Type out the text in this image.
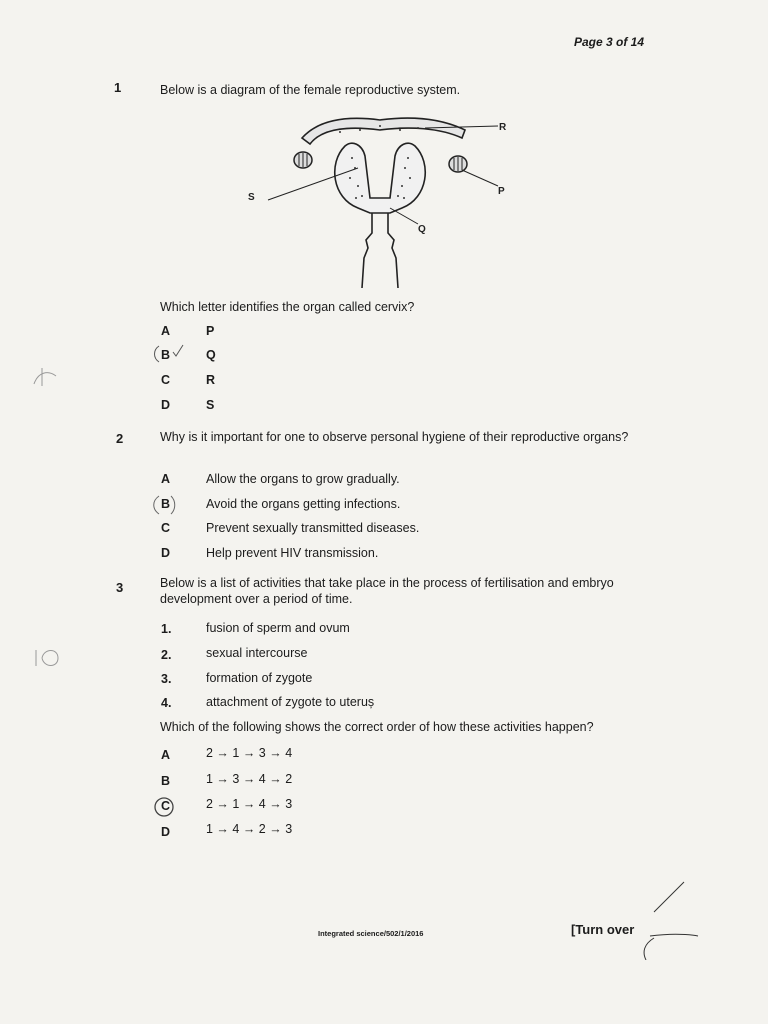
Page 3 of 14
1	Below is a diagram of the female reproductive system.
R
P
Q
S
Which letter identifies the organ called cervix?
A	P
B	Q
C	R
D	S
2	Why is it important for one to observe personal hygiene of their reproductive organs?
A	Allow the organs to grow gradually.
B	Avoid the organs getting infections.
C	Prevent sexually transmitted diseases.
D	Help prevent HIV transmission.
3	Below is a list of activities that take place in the process of fertilisation and embryo development over a period of time.
1.	fusion of sperm and ovum
2.	sexual intercourse
3.	formation of zygote
4.	attachment of zygote to uteruș
Which of the following shows the correct order of how these activities happen?
A	2 → 1 → 3 → 4
B	1 → 3 → 4 → 2
C	2 → 1 → 4 → 3
D	1 → 4 → 2 → 3
Integrated science/502/1/2016	[Turn over
